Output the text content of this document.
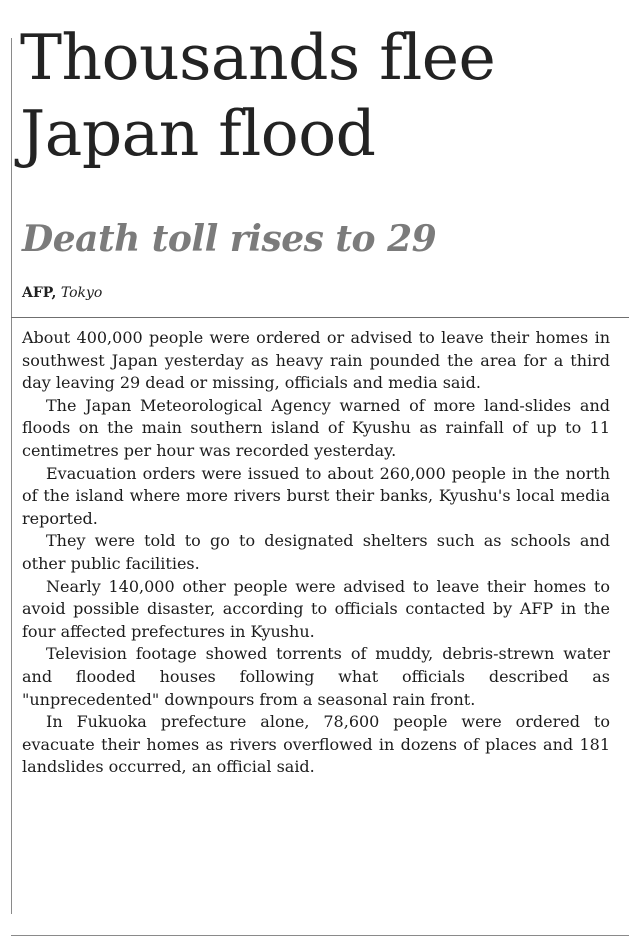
Thousands flee Japan flood
Death toll rises to 29
AFP, Tokyo

About 400,000 people were ordered or advised to leave their homes in southwest Japan yesterday as heavy rain pounded the area for a third day leaving 29 dead or missing, officials and media said.

The Japan Meteorological Agency warned of more land-slides and floods on the main southern island of Kyushu as rainfall of up to 11 centimetres per hour was recorded yesterday.

Evacuation orders were issued to about 260,000 people in the north of the island where more rivers burst their banks, Kyushu's local media reported.

They were told to go to designated shelters such as schools and other public facilities.

Nearly 140,000 other people were advised to leave their homes to avoid possible disaster, according to officials contacted by AFP in the four affected prefectures in Kyushu.

Television footage showed torrents of muddy, debris-strewn water and flooded houses following what officials described as "unprecedented" downpours from a seasonal rain front.

In Fukuoka prefecture alone, 78,600 people were ordered to evacuate their homes as rivers overflowed in dozens of places and 181 landslides occurred, an official said.
